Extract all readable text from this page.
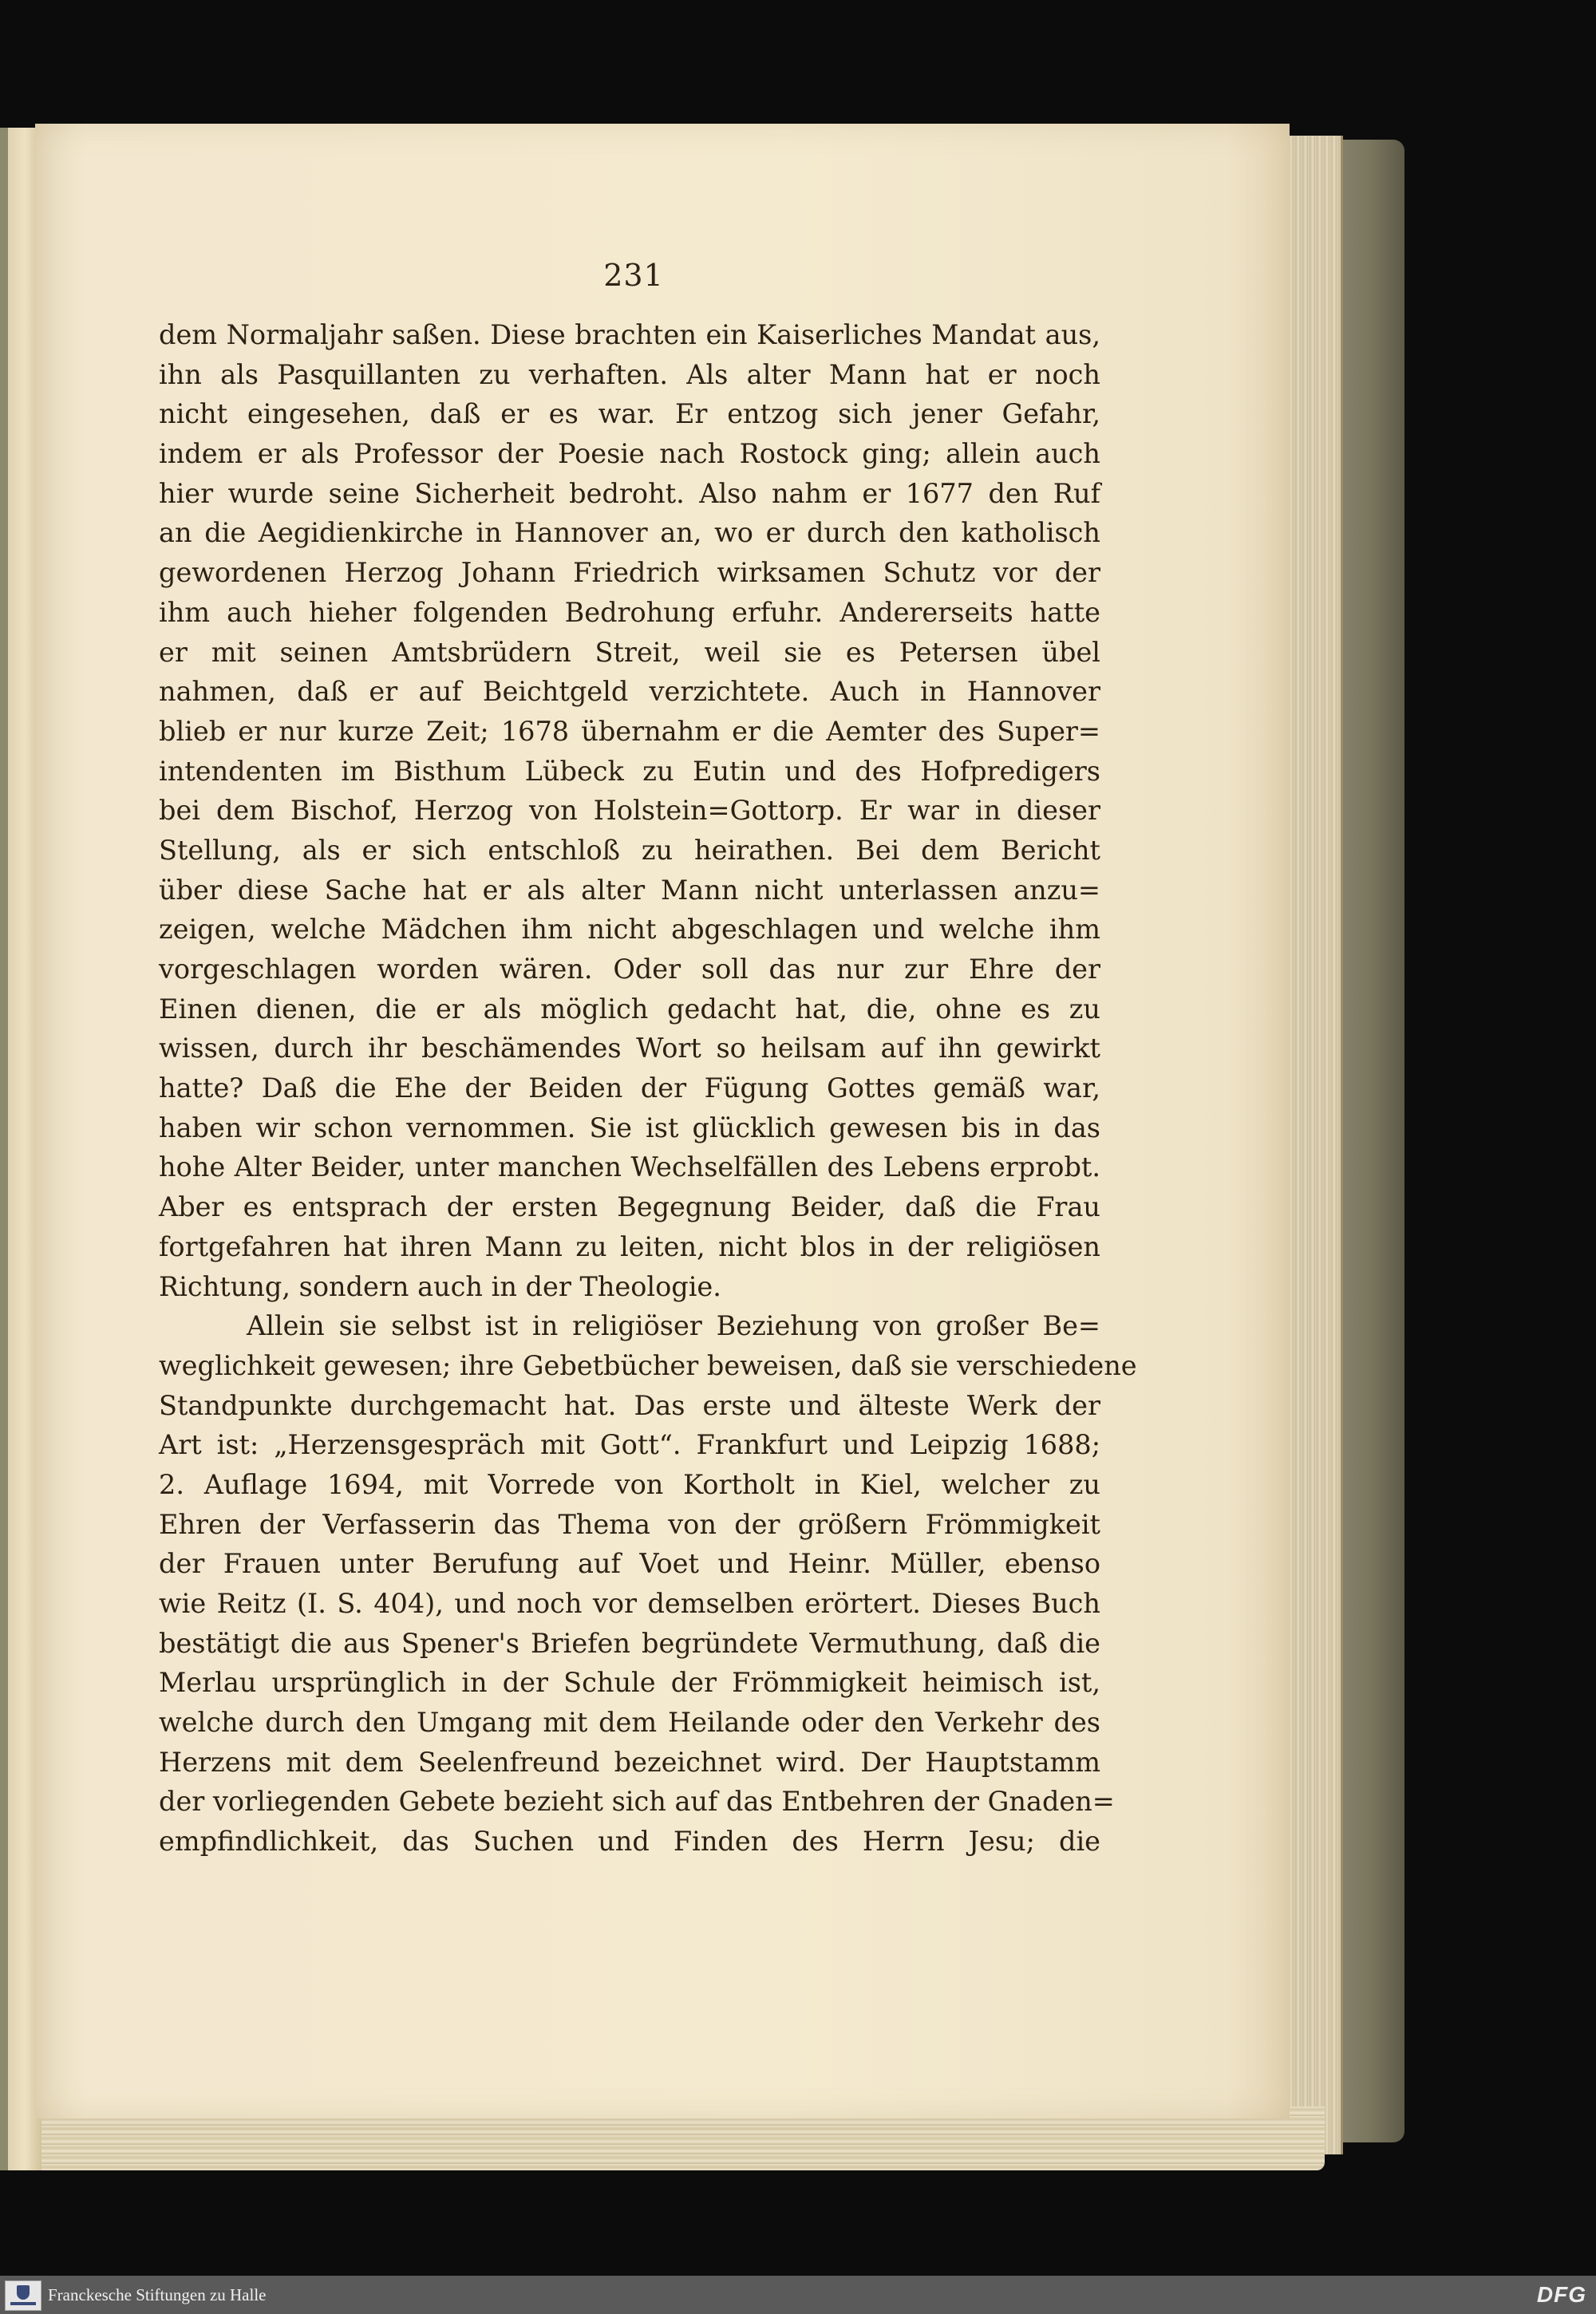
231
dem Normaljahr saßen. Diese brachten ein Kaiserliches Mandat aus,
ihn als Pasquillanten zu verhaften. Als alter Mann hat er noch
nicht eingesehen, daß er es war. Er entzog sich jener Gefahr,
indem er als Professor der Poesie nach Rostock ging; allein auch
hier wurde seine Sicherheit bedroht. Also nahm er 1677 den Ruf
an die Aegidienkirche in Hannover an, wo er durch den katholisch
gewordenen Herzog Johann Friedrich wirksamen Schutz vor der
ihm auch hieher folgenden Bedrohung erfuhr. Andererseits hatte
er mit seinen Amtsbrüdern Streit, weil sie es Petersen übel
nahmen, daß er auf Beichtgeld verzichtete. Auch in Hannover
blieb er nur kurze Zeit; 1678 übernahm er die Aemter des Super=
intendenten im Bisthum Lübeck zu Eutin und des Hofpredigers
bei dem Bischof, Herzog von Holstein=Gottorp. Er war in dieser
Stellung, als er sich entschloß zu heirathen. Bei dem Bericht
über diese Sache hat er als alter Mann nicht unterlassen anzu=
zeigen, welche Mädchen ihm nicht abgeschlagen und welche ihm
vorgeschlagen worden wären. Oder soll das nur zur Ehre der
Einen dienen, die er als möglich gedacht hat, die, ohne es zu
wissen, durch ihr beschämendes Wort so heilsam auf ihn gewirkt
hatte? Daß die Ehe der Beiden der Fügung Gottes gemäß war,
haben wir schon vernommen. Sie ist glücklich gewesen bis in das
hohe Alter Beider, unter manchen Wechselfällen des Lebens erprobt.
Aber es entsprach der ersten Begegnung Beider, daß die Frau
fortgefahren hat ihren Mann zu leiten, nicht blos in der religiösen
Richtung, sondern auch in der Theologie.
Allein sie selbst ist in religiöser Beziehung von großer Be=
weglichkeit gewesen; ihre Gebetbücher beweisen, daß sie verschiedene
Standpunkte durchgemacht hat. Das erste und älteste Werk der
Art ist: „Herzensgespräch mit Gott“. Frankfurt und Leipzig 1688;
2. Auflage 1694, mit Vorrede von Kortholt in Kiel, welcher zu
Ehren der Verfasserin das Thema von der größern Frömmigkeit
der Frauen unter Berufung auf Voet und Heinr. Müller, ebenso
wie Reitz (I. S. 404), und noch vor demselben erörtert. Dieses Buch
bestätigt die aus Spener's Briefen begründete Vermuthung, daß die
Merlau ursprünglich in der Schule der Frömmigkeit heimisch ist,
welche durch den Umgang mit dem Heilande oder den Verkehr des
Herzens mit dem Seelenfreund bezeichnet wird. Der Hauptstamm
der vorliegenden Gebete bezieht sich auf das Entbehren der Gnaden=
empfindlichkeit, das Suchen und Finden des Herrn Jesu; die
Franckesche Stiftungen zu Halle	DFG
